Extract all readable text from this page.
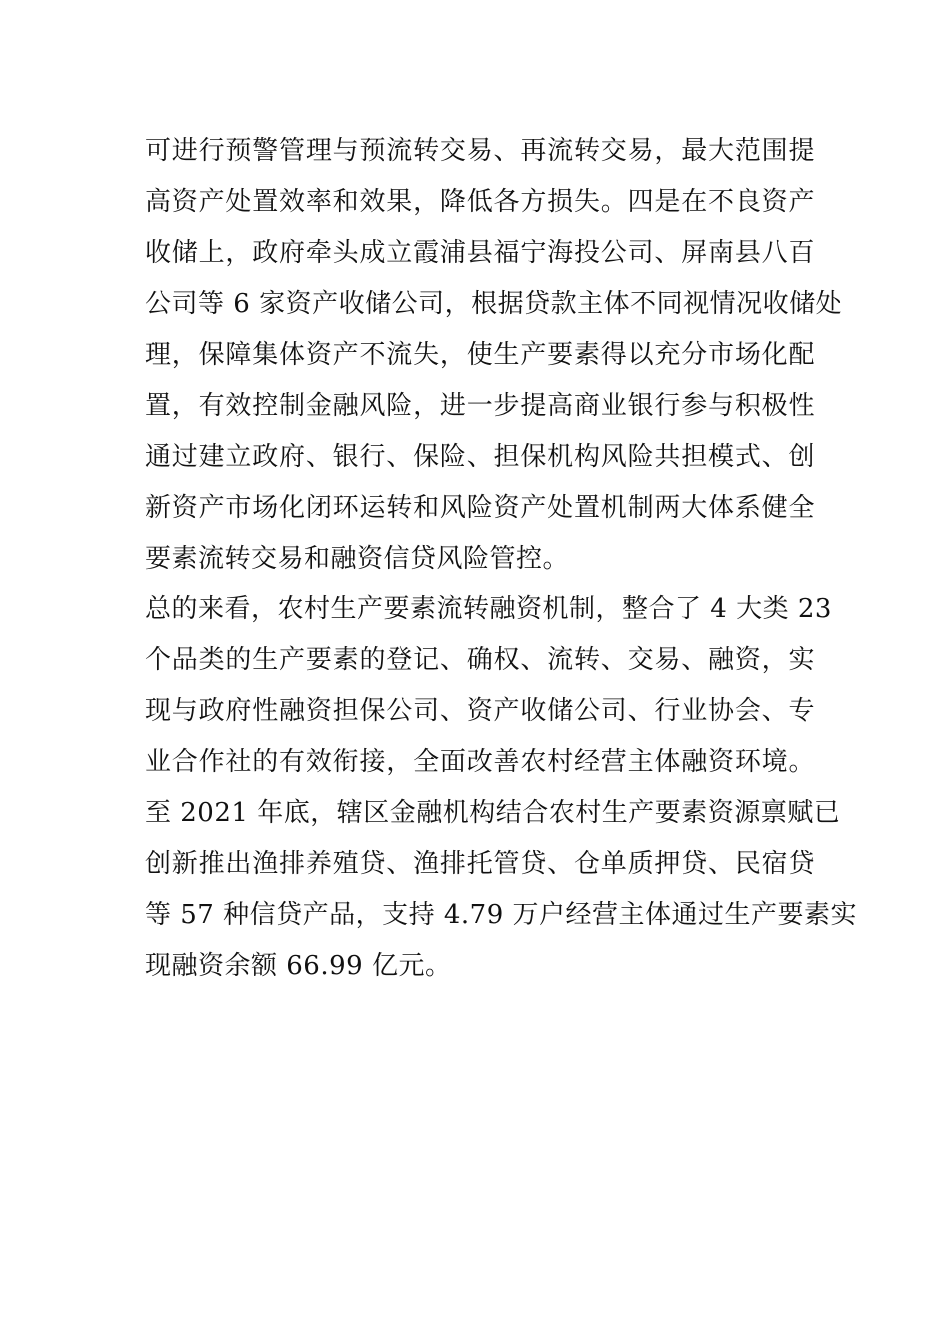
可进行预警管理与预流转交易、再流转交易，最大范围提
高资产处置效率和效果，降低各方损失。四是在不良资产
收储上，政府牵头成立霞浦县福宁海投公司、屏南县八百
公司等 6 家资产收储公司，根据贷款主体不同视情况收储处
理，保障集体资产不流失，使生产要素得以充分市场化配
置，有效控制金融风险，进一步提高商业银行参与积极性
通过建立政府、银行、保险、担保机构风险共担模式、创
新资产市场化闭环运转和风险资产处置机制两大体系健全
要素流转交易和融资信贷风险管控。
总的来看，农村生产要素流转融资机制，整合了 4 大类 23
个品类的生产要素的登记、确权、流转、交易、融资，实
现与政府性融资担保公司、资产收储公司、行业协会、专
业合作社的有效衔接，全面改善农村经营主体融资环境。
至 2021 年底，辖区金融机构结合农村生产要素资源禀赋已
创新推出渔排养殖贷、渔排托管贷、仓单质押贷、民宿贷
等 57 种信贷产品，支持 4.79 万户经营主体通过生产要素实
现融资余额 66.99 亿元。
